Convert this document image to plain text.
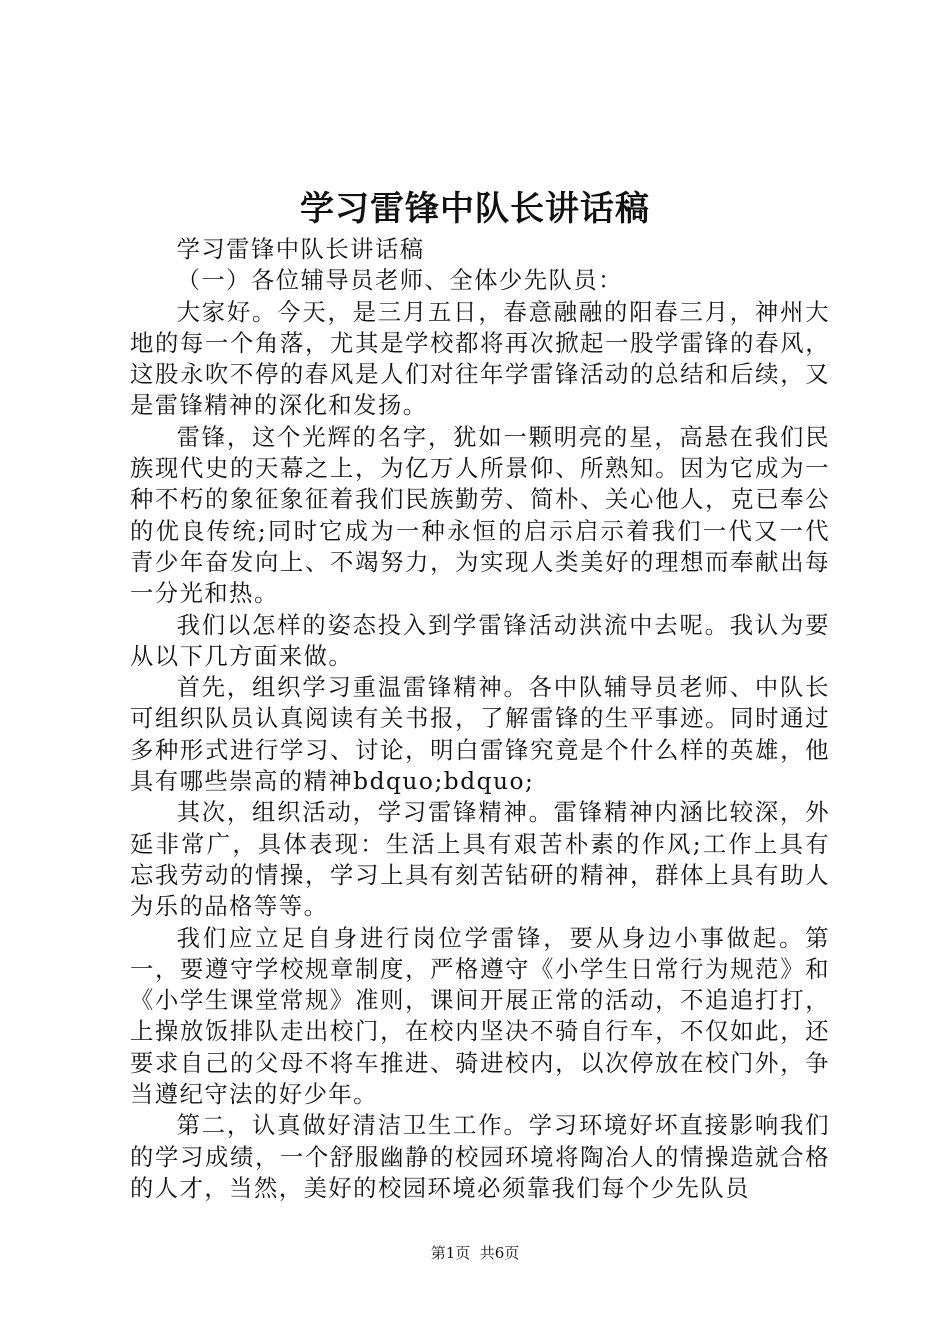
学习雷锋中队长讲话稿

学习雷锋中队长讲话稿

（一）各位辅导员老师、全体少先队员：

大家好。今天，是三月五日，春意融融的阳春三月，神州大地的每一个角落，尤其是学校都将再次掀起一股学雷锋的春风，这股永吹不停的春风是人们对往年学雷锋活动的总结和后续，又是雷锋精神的深化和发扬。

雷锋，这个光辉的名字，犹如一颗明亮的星，高悬在我们民族现代史的天幕之上，为亿万人所景仰、所熟知。因为它成为一种不朽的象征象征着我们民族勤劳、简朴、关心他人，克已奉公的优良传统;同时它成为一种永恒的启示启示着我们一代又一代青少年奋发向上、不竭努力，为实现人类美好的理想而奉献出每一分光和热。

我们以怎样的姿态投入到学雷锋活动洪流中去呢。我认为要从以下几方面来做。

首先，组织学习重温雷锋精神。各中队辅导员老师、中队长可组织队员认真阅读有关书报，了解雷锋的生平事迹。同时通过多种形式进行学习、讨论，明白雷锋究竟是个什么样的英雄，他具有哪些崇高的精神bdquo;bdquo;

其次，组织活动，学习雷锋精神。雷锋精神内涵比较深，外延非常广，具体表现：生活上具有艰苦朴素的作风;工作上具有忘我劳动的情操，学习上具有刻苦钻研的精神，群体上具有助人为乐的品格等等。

我们应立足自身进行岗位学雷锋，要从身边小事做起。第一，要遵守学校规章制度，严格遵守《小学生日常行为规范》和《小学生课堂常规》准则，课间开展正常的活动，不追追打打，上操放饭排队走出校门，在校内坚决不骑自行车，不仅如此，还要求自己的父母不将车推进、骑进校内，以次停放在校门外，争当遵纪守法的好少年。

第二，认真做好清洁卫生工作。学习环境好坏直接影响我们的学习成绩，一个舒服幽静的校园环境将陶冶人的情操造就合格的人才，当然，美好的校园环境必须靠我们每个少先队员

第1页  共6页
